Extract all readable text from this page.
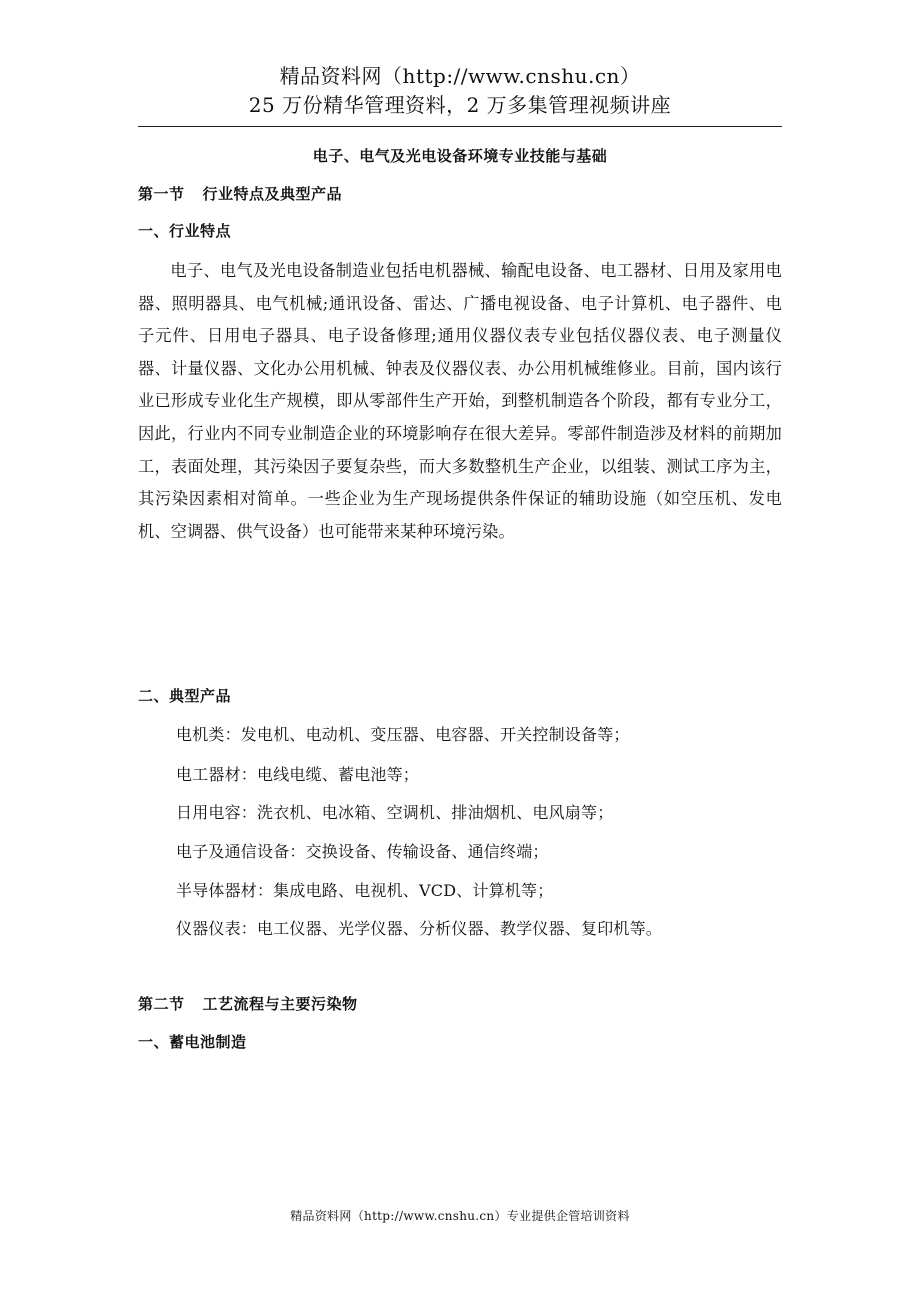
精品资料网（http://www.cnshu.cn）
25 万份精华管理资料，2 万多集管理视频讲座
电子、电气及光电设备环境专业技能与基础
第一节 行业特点及典型产品
一、行业特点

电子、电气及光电设备制造业包括电机器械、输配电设备、电工器材、日用及家用电器、照明器具、电气机械;通讯设备、雷达、广播电视设备、电子计算机、电子器件、电子元件、日用电子器具、电子设备修理;通用仪器仪表专业包括仪器仪表、电子测量仪器、计量仪器、文化办公用机械、钟表及仪器仪表、办公用机械维修业。目前，国内该行业已形成专业化生产规模，即从零部件生产开始，到整机制造各个阶段，都有专业分工，因此，行业内不同专业制造企业的环境影响存在很大差异。零部件制造涉及材料的前期加工，表面处理，其污染因子要复杂些，而大多数整机生产企业，以组装、测试工序为主，其污染因素相对简单。一些企业为生产现场提供条件保证的辅助设施（如空压机、发电机、空调器、供气设备）也可能带来某种环境污染。

二、典型产品
电机类：发电机、电动机、变压器、电容器、开关控制设备等；
电工器材：电线电缆、蓄电池等；
日用电容：洗衣机、电冰箱、空调机、排油烟机、电风扇等；
电子及通信设备：交换设备、传输设备、通信终端；
半导体器材：集成电路、电视机、VCD、计算机等；
仪器仪表：电工仪器、光学仪器、分析仪器、教学仪器、复印机等。
第二节 工艺流程与主要污染物
一、蓄电池制造
精品资料网（http://www.cnshu.cn）专业提供企管培训资料
